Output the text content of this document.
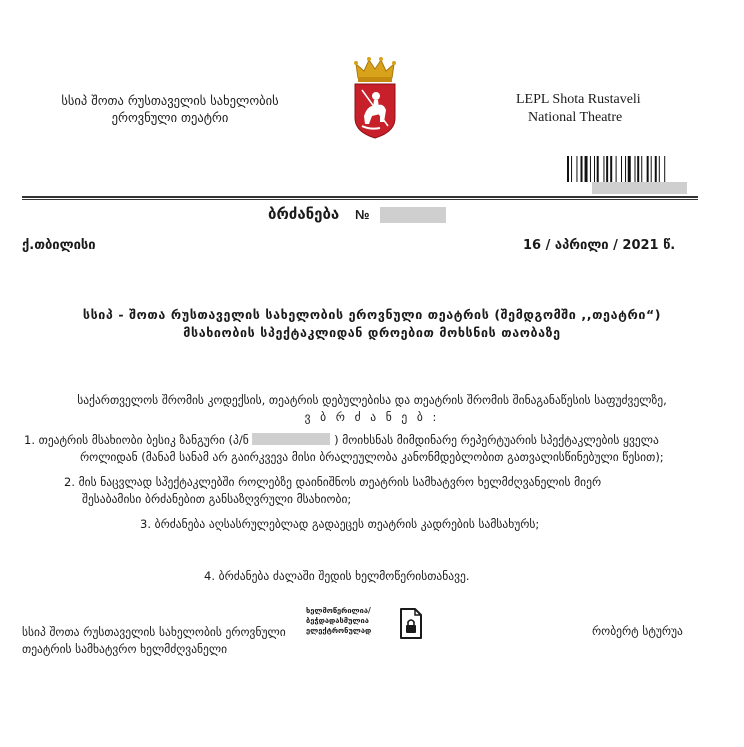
სსიპ შოთა რუსთაველის სახელობის
ეროვნული თეატრი
LEPL Shota Rustaveli
National Theatre
ბრძანება №
ქ.თბილისი	16 / აპრილი / 2021 წ.
სსიპ - შოთა რუსთაველის სახელობის ეროვნული თეატრის (შემდგომში ,,თეატრი“)
მსახიობის სპექტაკლიდან დროებით მოხსნის თაობაზე
საქართველოს შრომის კოდექსის, თეატრის დებულებისა და თეატრის შრომის შინაგანაწესის საფუძველზე,
ვ ბ რ ძ ა ნ ე ბ :
1. თეატრის მსახიობი ბესიკ ზანგური (პ/ნ	) მოიხსნას მიმდინარე რეპერტუარის სპექტაკლების ყველა
როლიდან (მანამ სანამ არ გაირკვევა მისი ბრალეულობა კანონმდებლობით გათვალისწინებული წესით);
2. მის ნაცვლად სპექტაკლებში როლებზე დაინიშნოს თეატრის სამხატვრო ხელმძღვანელის მიერ
შესაბამისი ბრძანებით განსაზღვრული მსახიობი;
3. ბრძანება აღსასრულებლად გადაეცეს თეატრის კადრების სამსახურს;
4. ბრძანება ძალაში შედის ხელმოწერისთანავე.
სსიპ შოთა რუსთაველის სახელობის ეროვნული
თეატრის სამხატვრო ხელმძღვანელი
ხელმოწერილია/
ბეჭდადასმულია
ელექტრონულად	რობერტ სტურუა
